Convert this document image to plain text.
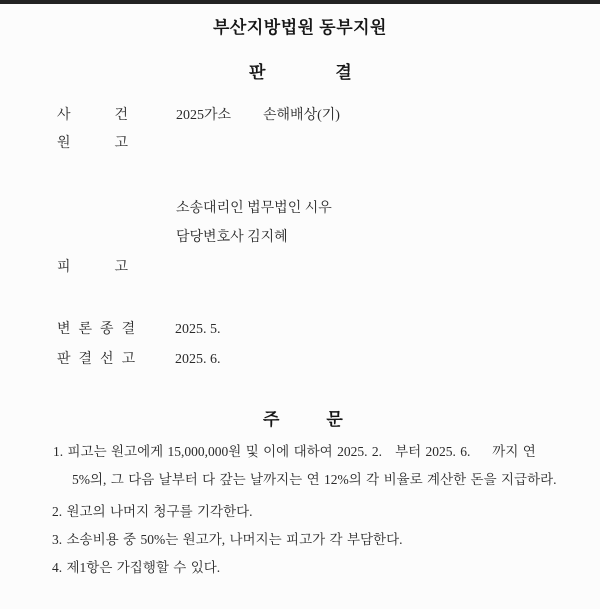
부산지방법원 동부지원
판결
사건 2025가소 손해배상(기)
원고
소송대리인 법무법인 시우
담당변호사 김지혜
피고
변론종결 2025. 5.
판결선고 2025. 6.
주문
1. 피고는 원고에게 15,000,000원 및 이에 대하여 2025. 2.   부터 2025. 6.     까지 연
5%의, 그 다음 날부터 다 갚는 날까지는 연 12%의 각 비율로 계산한 돈을 지급하라.
2. 원고의 나머지 청구를 기각한다.
3. 소송비용 중 50%는 원고가, 나머지는 피고가 각 부담한다.
4. 제1항은 가집행할 수 있다.
